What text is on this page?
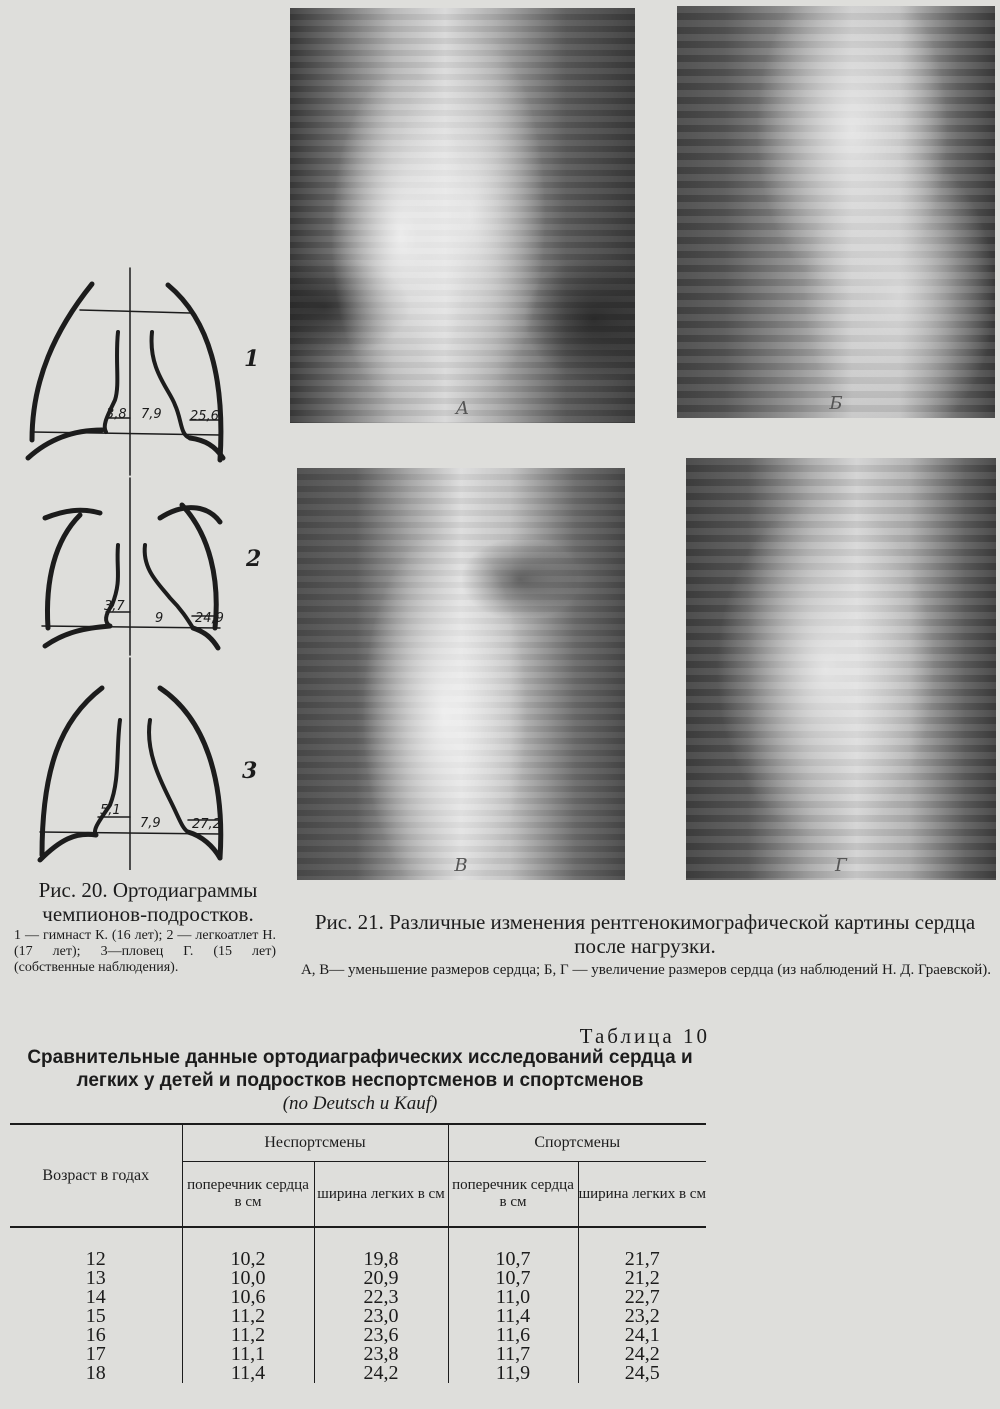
3,8 7,9 25,6
1
3,7
9 24,9
2
5,1
7,9 27,2
3
Рис. 20. Ортодиаграммы чемпионов-подростков.
1 — гимнаст К. (16 лет); 2 — легкоатлет Н. (17 лет); 3—пловец Г. (15 лет) (собственные наблюдения).
А	Б
В	Г
Рис. 21. Различные изменения рентгенокимографической картины сердца после нагрузки.
А, В— уменьшение размеров сердца; Б, Г — увеличение размеров сердца (из наблюдений Н. Д. Граевской).
Таблица 10
Сравнительные данные ортодиаграфических исследований сердца и легких у детей и подростков неспортсменов и спортсменов
(по Deutsch и Kauf)
Возраст в годах	Неспортсмены		Спортсмены	
	поперечник сердца в см	ширина легких в см	поперечник сердца в см	ширина легких в см

12	10,2	19,8	10,7	21,7
13	10,0	20,9	10,7	21,2
14	10,6	22,3	11,0	22,7
15	11,2	23,0	11,4	23,2
16	11,2	23,6	11,6	24,1
17	11,1	23,8	11,7	24,2
18	11,4	24,2	11,9	24,5
